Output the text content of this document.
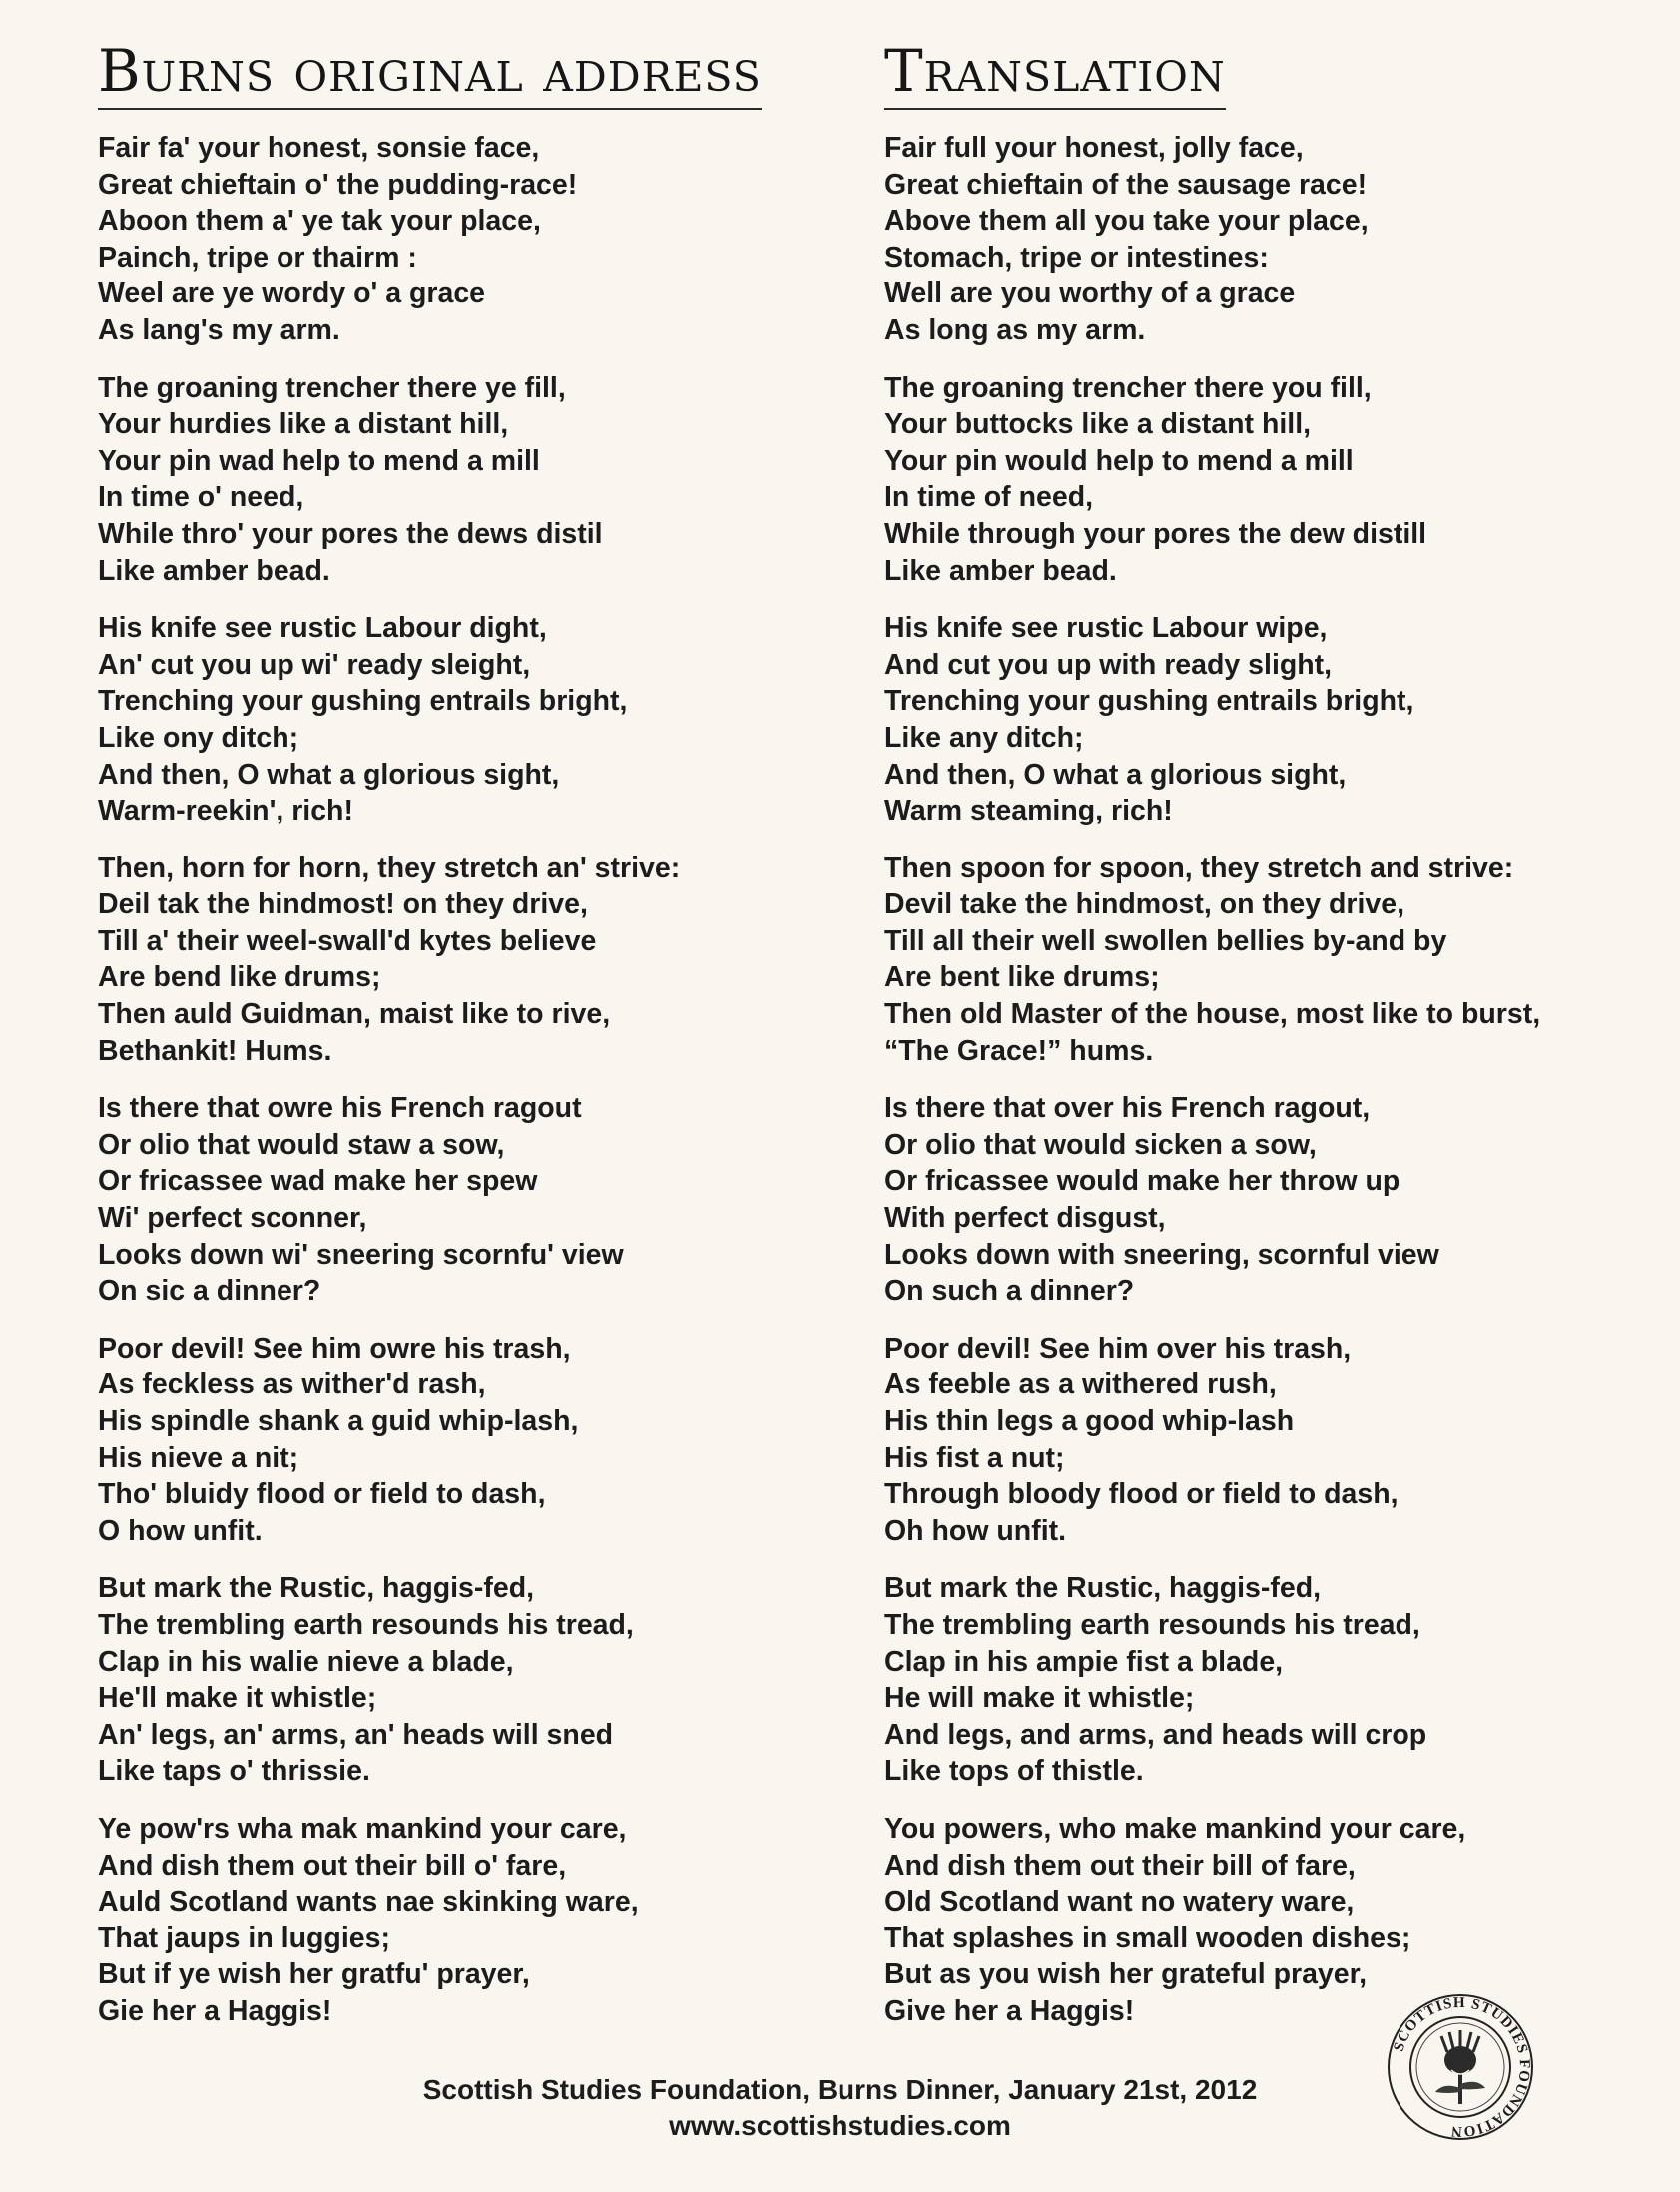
Burns original address
Fair fa' your honest, sonsie face,
Great chieftain o' the pudding-race!
Aboon them a' ye tak your place,
Painch, tripe or thairm :
Weel are ye wordy o' a grace
As lang's my arm.
The groaning trencher there ye fill,
Your hurdies like a distant hill,
Your pin wad help to mend a mill
In time o' need,
While thro' your pores the dews distil
Like amber bead.
His knife see rustic Labour dight,
An' cut you up wi' ready sleight,
Trenching your gushing entrails bright,
Like ony ditch;
And then, O what a glorious sight,
Warm-reekin', rich!
Then, horn for horn, they stretch an' strive:
Deil tak the hindmost! on they drive,
Till a' their weel-swall'd kytes believe
Are bend like drums;
Then auld Guidman, maist like to rive,
Bethankit! Hums.
Is there that owre his French ragout
Or olio that would staw a sow,
Or fricassee wad make her spew
Wi' perfect sconner,
Looks down wi' sneering scornfu' view
On sic a dinner?
Poor devil! See him owre his trash,
As feckless as wither'd rash,
His spindle shank a guid whip-lash,
His nieve a nit;
Tho' bluidy flood or field to dash,
O how unfit.
But mark the Rustic, haggis-fed,
The trembling earth resounds his tread,
Clap in his walie nieve a blade,
He'll make it whistle;
An' legs, an' arms, an' heads will sned
Like taps o' thrissie.
Ye pow'rs wha mak mankind your care,
And dish them out their bill o' fare,
Auld Scotland wants nae skinking ware,
That jaups in luggies;
But if ye wish her gratfu' prayer,
Gie her a Haggis!
Translation
Fair full your honest, jolly face,
Great chieftain of the sausage race!
Above them all you take your place,
Stomach, tripe or intestines:
Well are you worthy of a grace
As long as my arm.
The groaning trencher there you fill,
Your buttocks like a distant hill,
Your pin would help to mend a mill
In time of need,
While through your pores the dew distill
Like amber bead.
His knife see rustic Labour wipe,
And cut you up with ready slight,
Trenching your gushing entrails bright,
Like any ditch;
And then, O what a glorious sight,
Warm steaming, rich!
Then spoon for spoon, they stretch and strive:
Devil take the hindmost, on they drive,
Till all their well swollen bellies by-and by
Are bent like drums;
Then old Master of the house, most like to burst,
“The Grace!” hums.
Is there that over his French ragout,
Or olio that would sicken a sow,
Or fricassee would make her throw up
With perfect disgust,
Looks down with sneering, scornful view
On such a dinner?
Poor devil! See him over his trash,
As feeble as a withered rush,
His thin legs a good whip-lash
His fist a nut;
Through bloody flood or field to dash,
Oh how unfit.
But mark the Rustic, haggis-fed,
The trembling earth resounds his tread,
Clap in his ampie fist a blade,
He will make it whistle;
And legs, and arms, and heads will crop
Like tops of thistle.
You powers, who make mankind your care,
And dish them out their bill of fare,
Old Scotland want no watery ware,
That splashes in small wooden dishes;
But as you wish her grateful prayer,
Give her a Haggis!
Scottish Studies Foundation, Burns Dinner, January 21st, 2012
www.scottishstudies.com
SCOTTISH STUDIES FOUNDATION
